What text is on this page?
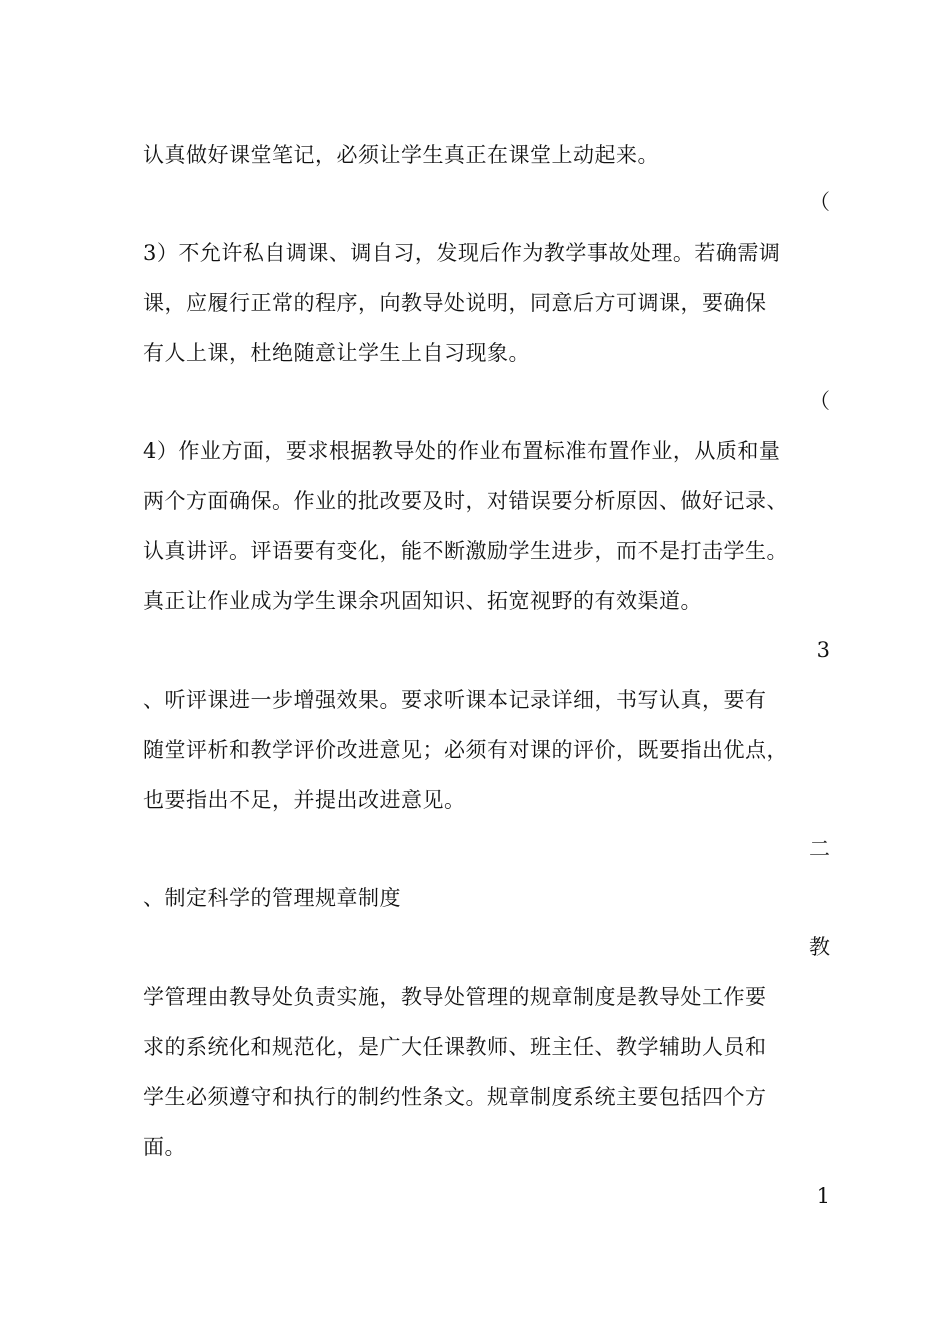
认真做好课堂笔记，必须让学生真正在课堂上动起来。
（
3）不允许私自调课、调自习，发现后作为教学事故处理。若确需调
课，应履行正常的程序，向教导处说明，同意后方可调课，要确保
有人上课，杜绝随意让学生上自习现象。
（
4）作业方面，要求根据教导处的作业布置标准布置作业，从质和量
两个方面确保。作业的批改要及时，对错误要分析原因、做好记录、
认真讲评。评语要有变化，能不断激励学生进步，而不是打击学生。
真正让作业成为学生课余巩固知识、拓宽视野的有效渠道。
3
、听评课进一步增强效果。要求听课本记录详细，书写认真，要有
随堂评析和教学评价改进意见；必须有对课的评价，既要指出优点，
也要指出不足，并提出改进意见。
二
、制定科学的管理规章制度
教
学管理由教导处负责实施，教导处管理的规章制度是教导处工作要
求的系统化和规范化，是广大任课教师、班主任、教学辅助人员和
学生必须遵守和执行的制约性条文。规章制度系统主要包括四个方
面。
1
